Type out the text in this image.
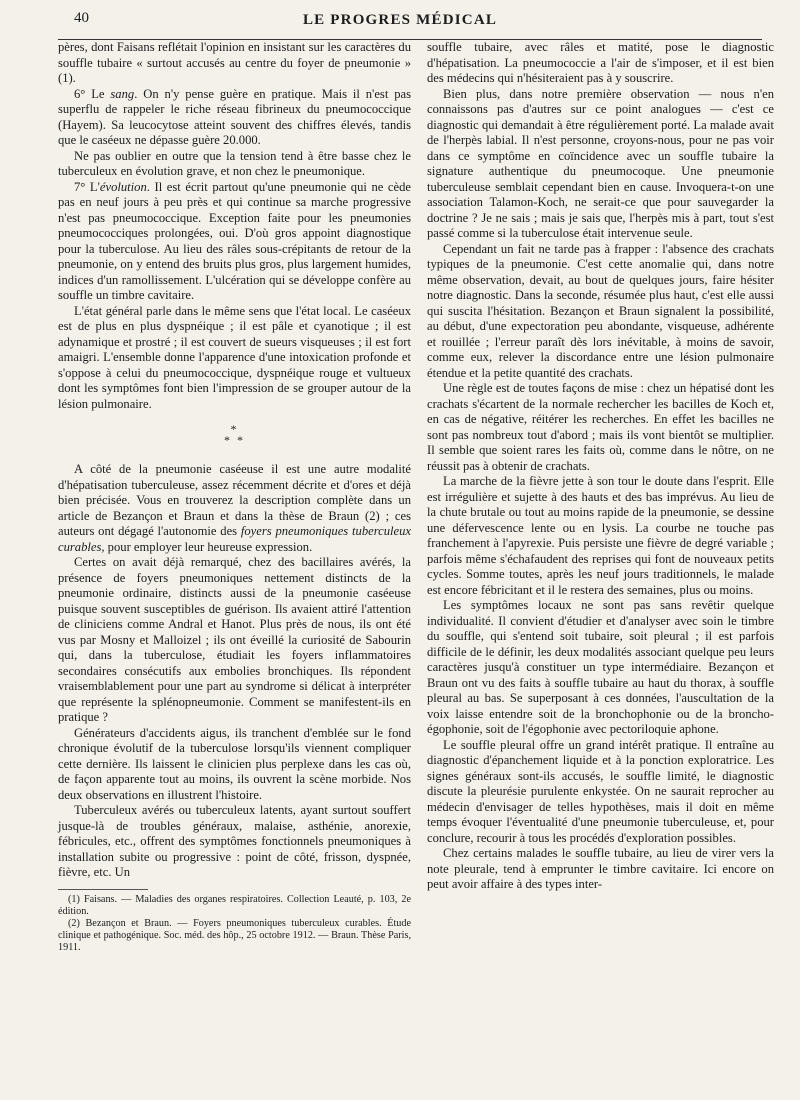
40	LE PROGRES MÉDICAL

pères, dont Faisans reflétait l'opinion en insistant sur les caractères du souffle tubaire « surtout accusés au centre du foyer de pneumonie » (1).

6° Le sang. On n'y pense guère en pratique. Mais il n'est pas superflu de rappeler le riche réseau fibrineux du pneumococcique (Hayem). Sa leucocytose atteint souvent des chiffres élevés, tandis que le caséeux ne dépasse guère 20.000.

Ne pas oublier en outre que la tension tend à être basse chez le tuberculeux en évolution grave, et non chez le pneumonique.

7° L'évolution. Il est écrit partout qu'une pneumonie qui ne cède pas en neuf jours à peu près et qui continue sa marche progressive n'est pas pneumococcique. Exception faite pour les pneumonies pneumococciques prolongées, oui. D'où gros appoint diagnostique pour la tuberculose. Au lieu des râles sous-crépitants de retour de la pneumonie, on y entend des bruits plus gros, plus largement humides, indices d'un ramollissement. L'ulcération qui se développe confère au souffle un timbre cavitaire.

L'état général parle dans le même sens que l'état local. Le caséeux est de plus en plus dyspnéique ; il est pâle et cyanotique ; il est adynamique et prostré ; il est couvert de sueurs visqueuses ; il est fort amaigri. L'ensemble donne l'apparence d'une intoxication profonde et s'oppose à celui du pneumococcique, dyspnéique rouge et vultueux dont les symptômes font bien l'impression de se grouper autour de la lésion pulmonaire.

*
* *

A côté de la pneumonie caséeuse il est une autre modalité d'hépatisation tuberculeuse, assez récemment décrite et d'ores et déjà bien précisée. Vous en trouverez la description complète dans un article de Bezançon et Braun et dans la thèse de Braun (2) ; ces auteurs ont dégagé l'autonomie des foyers pneumoniques tuberculeux curables, pour employer leur heureuse expression.

Certes on avait déjà remarqué, chez des bacillaires avérés, la présence de foyers pneumoniques nettement distincts de la pneumonie ordinaire, distincts aussi de la pneumonie caséeuse puisque souvent susceptibles de guérison. Ils avaient attiré l'attention de cliniciens comme Andral et Hanot. Plus près de nous, ils ont été vus par Mosny et Malloizel ; ils ont éveillé la curiosité de Sabourin qui, dans la tuberculose, étudiait les foyers inflammatoires secondaires consécutifs aux embolies bronchiques. Ils répondent vraisemblablement pour une part au syndrome si délicat à interpréter que représente la splénopneumonie. Comment se manifestent-ils en pratique ?

Générateurs d'accidents aigus, ils tranchent d'emblée sur le fond chronique évolutif de la tuberculose lorsqu'ils viennent compliquer cette dernière. Ils laissent le clinicien plus perplexe dans les cas où, de façon apparente tout au moins, ils ouvrent la scène morbide. Nos deux observations en illustrent l'histoire.

Tuberculeux avérés ou tuberculeux latents, ayant surtout souffert jusque-là de troubles généraux, malaise, asthénie, anorexie, fébricules, etc., offrent des symptômes fonctionnels pneumoniques à installation subite ou progressive : point de côté, frisson, dyspnée, fièvre, etc. Un

(1) Faisans. — Maladies des organes respiratoires. Collection Leauté, p. 103, 2e édition.

(2) Bezançon et Braun. — Foyers pneumoniques tuberculeux curables. Étude clinique et pathogénique. Soc. méd. des hôp., 25 octobre 1912. — Braun. Thèse Paris, 1911.

souffle tubaire, avec râles et matité, pose le diagnostic d'hépatisation. La pneumococcie a l'air de s'imposer, et il est bien des médecins qui n'hésiteraient pas à y souscrire.

Bien plus, dans notre première observation — nous n'en connaissons pas d'autres sur ce point analogues — c'est ce diagnostic qui demandait à être régulièrement porté. La malade avait de l'herpès labial. Il n'est personne, croyons-nous, pour ne pas voir dans ce symptôme en coïncidence avec un souffle tubaire la signature authentique du pneumocoque. Une pneumonie tuberculeuse semblait cependant bien en cause. Invoquera-t-on une association Talamon-Koch, ne serait-ce que pour sauvegarder la doctrine ? Je ne sais ; mais je sais que, l'herpès mis à part, tout s'est passé comme si la tuberculose était intervenue seule.

Cependant un fait ne tarde pas à frapper : l'absence des crachats typiques de la pneumonie. C'est cette anomalie qui, dans notre même observation, devait, au bout de quelques jours, faire hésiter notre diagnostic. Dans la seconde, résumée plus haut, c'est elle aussi qui suscita l'hésitation. Bezançon et Braun signalent la possibilité, au début, d'une expectoration peu abondante, visqueuse, adhérente et rouillée ; l'erreur paraît dès lors inévitable, à moins de savoir, comme eux, relever la discordance entre une lésion pulmonaire étendue et la petite quantité des crachats.

Une règle est de toutes façons de mise : chez un hépatisé dont les crachats s'écartent de la normale rechercher les bacilles de Koch et, en cas de négative, réitérer les recherches. En effet les bacilles ne sont pas nombreux tout d'abord ; mais ils vont bientôt se multiplier. Il semble que soient rares les faits où, comme dans le nôtre, on ne réussit pas à obtenir de crachats.

La marche de la fièvre jette à son tour le doute dans l'esprit. Elle est irrégulière et sujette à des hauts et des bas imprévus. Au lieu de la chute brutale ou tout au moins rapide de la pneumonie, se dessine une défervescence lente ou en lysis. La courbe ne touche pas franchement à l'apyrexie. Puis persiste une fièvre de degré variable ; parfois même s'échafaudent des reprises qui font de nouveaux petits cycles. Somme toutes, après les neuf jours traditionnels, le malade est encore fébricitant et il le restera des semaines, plus ou moins.

Les symptômes locaux ne sont pas sans revêtir quelque individualité. Il convient d'étudier et d'analyser avec soin le timbre du souffle, qui s'entend soit tubaire, soit pleural ; il est parfois difficile de le définir, les deux modalités associant quelque peu leurs caractères jusqu'à constituer un type intermédiaire. Bezançon et Braun ont vu des faits à souffle tubaire au haut du thorax, à souffle pleural au bas. Se superposant à ces données, l'auscultation de la voix laisse entendre soit de la bronchophonie ou de la broncho-égophonie, soit de l'égophonie avec pectoriloquie aphone.

Le souffle pleural offre un grand intérêt pratique. Il entraîne au diagnostic d'épanchement liquide et à la ponction exploratrice. Les signes généraux sont-ils accusés, le souffle limité, le diagnostic discute la pleurésie purulente enkystée. On ne saurait reprocher au médecin d'envisager de telles hypothèses, mais il doit en même temps évoquer l'éventualité d'une pneumonie tuberculeuse, et, pour conclure, recourir à tous les procédés d'exploration possibles.

Chez certains malades le souffle tubaire, au lieu de virer vers la note pleurale, tend à emprunter le timbre cavitaire. Ici encore on peut avoir affaire à des types inter-
